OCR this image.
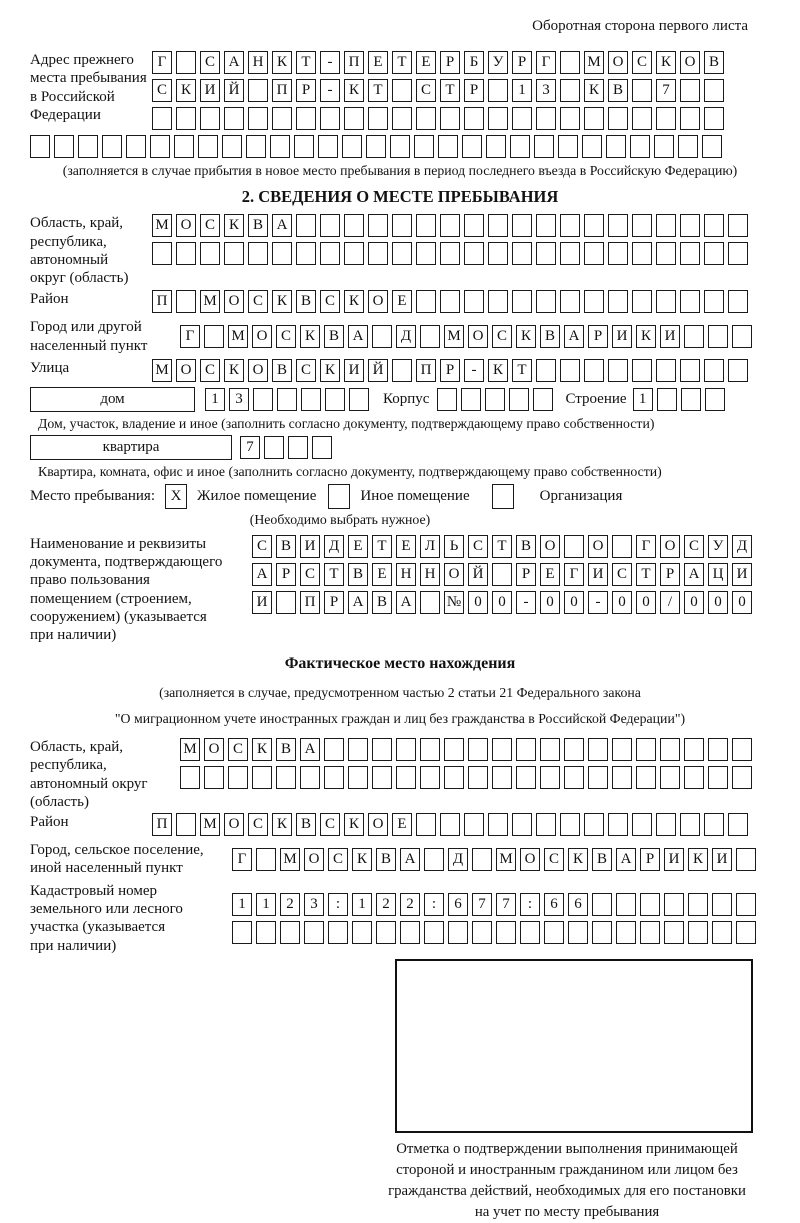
Оборотная сторона первого листа
Адрес прежнего
места пребывания
в Российской
Федерации
Г	С А Н К Т	-	П Е Т Е	Р	Б У Р	Г	М О С К О В
С К И Й	П Р	-	К Т	С Т	Р	1	3	К В	7
(заполняется в случае прибытия в новое место пребывания в период последнего въезда в Российскую Федерацию)
2. СВЕДЕНИЯ О МЕСТЕ ПРЕБЫВАНИЯ
Область, край,
республика,
автономный
округ (область)
М О С К В А
Район	П	М О С К В С К О Е
Город или другой
населенный пункт
Г	М О С К В А	Д	М О С К В А Р И К И
Улица	М О С К О В С К И Й	П Р	-	К Т
дом	1	3	Корпус	Строение 1
Дом, участок, владение и иное (заполнить согласно документу, подтверждающему право собственности)
квартира	7
Квартира, комната, офис и иное (заполнить согласно документу, подтверждающему право собственности)
Место пребывания:	X	Жилое помещение	Иное помещение	Организация
(Необходимо выбрать нужное)
Наименование и реквизиты
документа, подтверждающего
право пользования
помещением (строением,
сооружением) (указывается
при наличии)
С В И Д Е Т Е Л Ь С Т В О	О	Г О С У Д
А Р С Т В Е Н Н О Й	Р	Е	Г И С Т	Р А Ц И
И	П Р А В А	№ 0	0	-	0	0	-	0	0	/	0	0	0
Фактическое место нахождения
(заполняется в случае, предусмотренном частью 2 статьи 21 Федерального закона
"О миграционном учете иностранных граждан и лиц без гражданства в Российской Федерации")
Область, край,
республика,
автономный округ
(область)
М О С К В А
Район	П	М О С К В С К О Е
Город, сельское поселение,
иной населенный пункт
Г	М О С К В А	Д	М О С К В А Р И К И
Кадастровый номер
земельного или лесного
участка (указывается
при наличии)
1	1	2	3	:	1	2	2	:	6	7	7	:	6	6
Отметка о подтверждении выполнения принимающей
стороной и иностранным гражданином или лицом без
гражданства действий, необходимых для его постановки
на учет по месту пребывания
